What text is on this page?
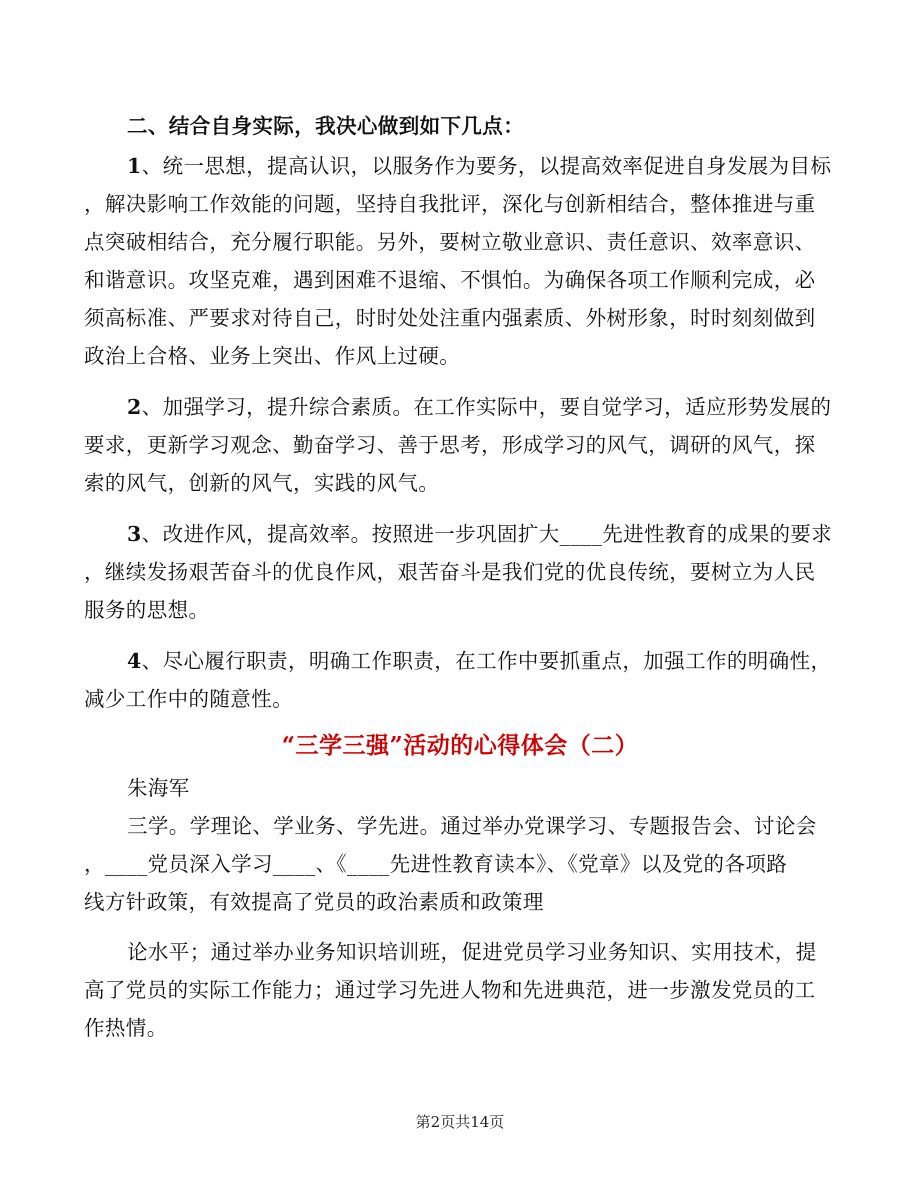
二、结合自身实际，我决心做到如下几点：
1、统一思想，提高认识，以服务作为要务，以提高效率促进自身发展为目标
，解决影响工作效能的问题，坚持自我批评，深化与创新相结合，整体推进与重
点突破相结合，充分履行职能。另外，要树立敬业意识、责任意识、效率意识、
和谐意识。攻坚克难，遇到困难不退缩、不惧怕。为确保各项工作顺利完成，必
须高标准、严要求对待自己，时时处处注重内强素质、外树形象，时时刻刻做到
政治上合格、业务上突出、作风上过硬。
2、加强学习，提升综合素质。在工作实际中，要自觉学习，适应形势发展的
要求，更新学习观念、勤奋学习、善于思考，形成学习的风气，调研的风气，探
索的风气，创新的风气，实践的风气。
3、改进作风，提高效率。按照进一步巩固扩大____先进性教育的成果的要求
，继续发扬艰苦奋斗的优良作风，艰苦奋斗是我们党的优良传统，要树立为人民
服务的思想。
4、尽心履行职责，明确工作职责，在工作中要抓重点，加强工作的明确性，
减少工作中的随意性。
“三学三强”活动的心得体会（二）
朱海军
三学。学理论、学业务、学先进。通过举办党课学习、专题报告会、讨论会
，____党员深入学习____、《____先进性教育读本》、《党章》以及党的各项路
线方针政策，有效提高了党员的政治素质和政策理
论水平；通过举办业务知识培训班，促进党员学习业务知识、实用技术，提
高了党员的实际工作能力；通过学习先进人物和先进典范，进一步激发党员的工
作热情。
第2页共14页
